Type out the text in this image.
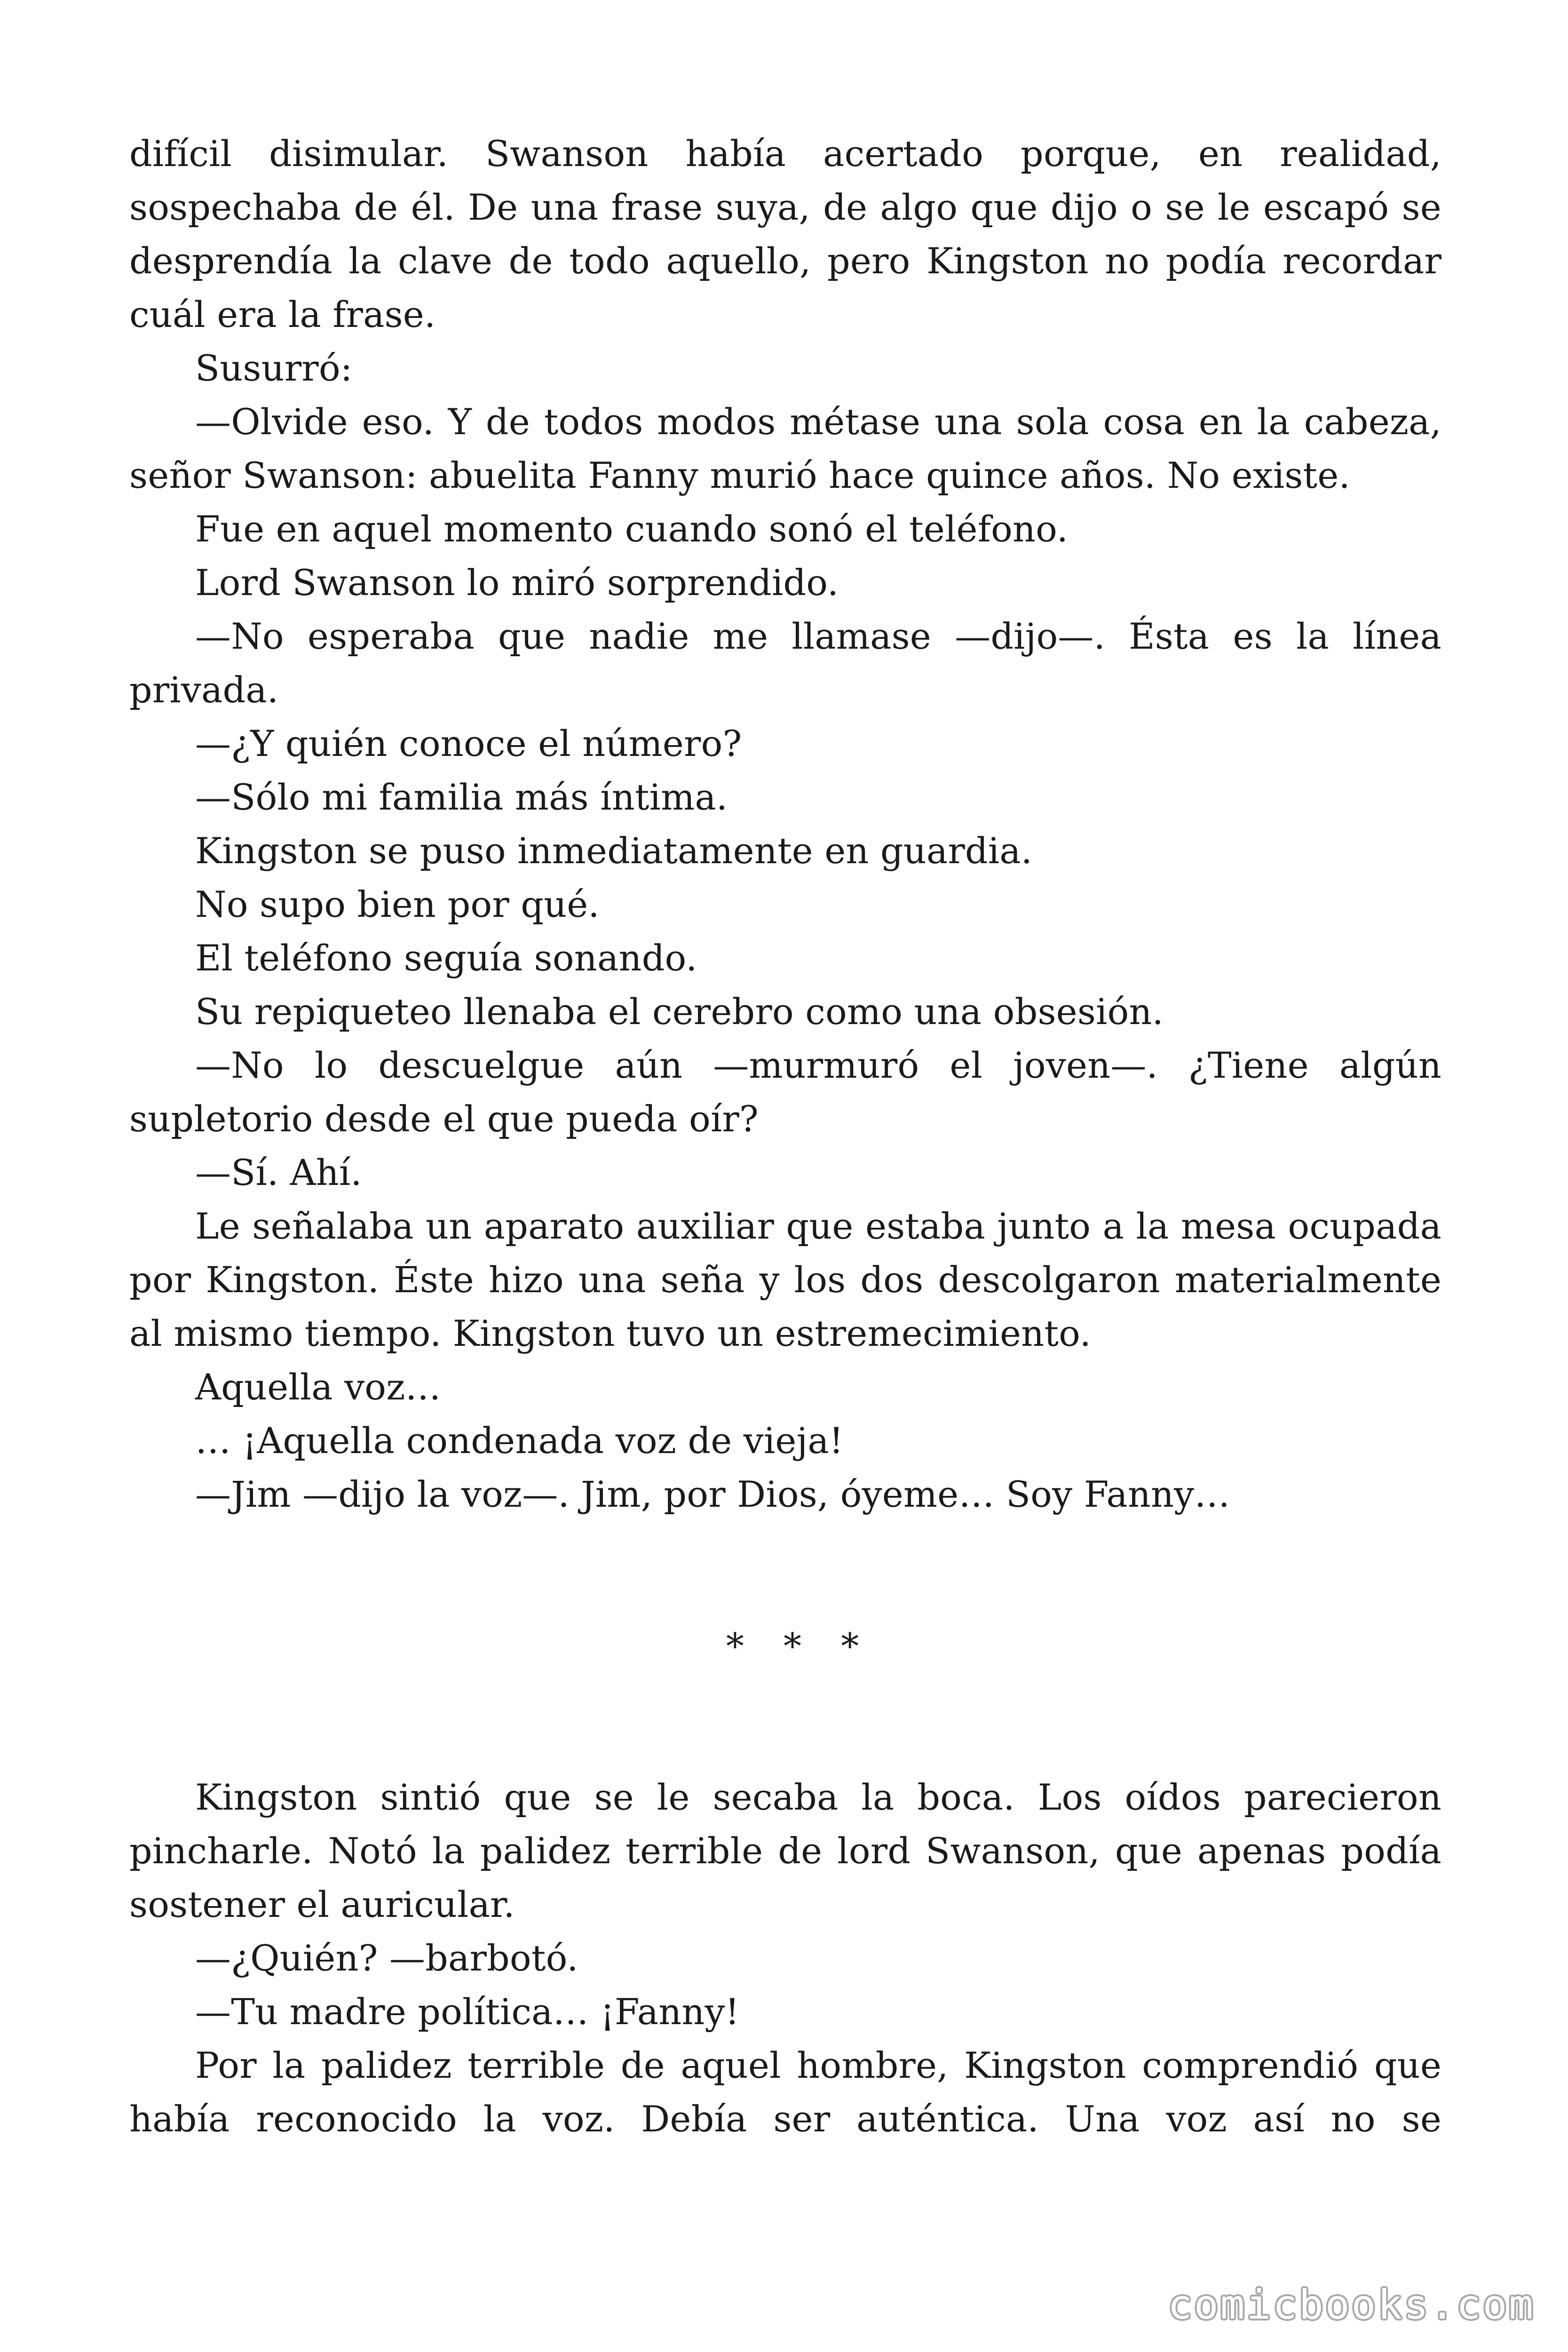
difícil disimular. Swanson había acertado porque, en realidad, sospechaba de él. De una frase suya, de algo que dijo o se le escapó se desprendía la clave de todo aquello, pero Kingston no podía recordar cuál era la frase.

Susurró:

—Olvide eso. Y de todos modos métase una sola cosa en la cabeza, señor Swanson: abuelita Fanny murió hace quince años. No existe.

Fue en aquel momento cuando sonó el teléfono.

Lord Swanson lo miró sorprendido.

—No esperaba que nadie me llamase —dijo—. Ésta es la línea privada.

—¿Y quién conoce el número?

—Sólo mi familia más íntima.

Kingston se puso inmediatamente en guardia.

No supo bien por qué.

El teléfono seguía sonando.

Su repiqueteo llenaba el cerebro como una obsesión.

—No lo descuelgue aún —murmuró el joven—. ¿Tiene algún supletorio desde el que pueda oír?

—Sí. Ahí.

Le señalaba un aparato auxiliar que estaba junto a la mesa ocupada por Kingston. Éste hizo una seña y los dos descolgaron materialmente al mismo tiempo. Kingston tuvo un estremecimiento.

Aquella voz…

… ¡Aquella condenada voz de vieja!

—Jim —dijo la voz—. Jim, por Dios, óyeme… Soy Fanny…

* * *

Kingston sintió que se le secaba la boca. Los oídos parecieron pincharle. Notó la palidez terrible de lord Swanson, que apenas podía sostener el auricular.

—¿Quién? —barbotó.

—Tu madre política… ¡Fanny!

Por la palidez terrible de aquel hombre, Kingston comprendió que había reconocido la voz. Debía ser auténtica. Una voz así no se

comicbooks.com
